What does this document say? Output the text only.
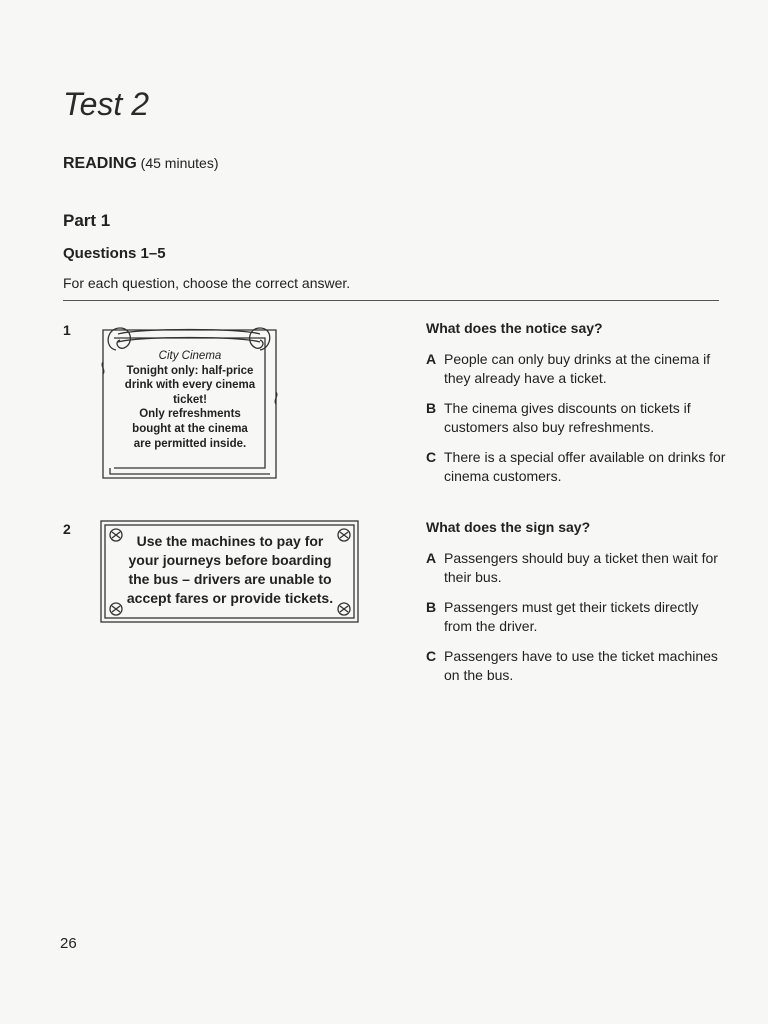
Test 2

READING (45 minutes)

Part 1
Questions 1–5

For each question, choose the correct answer.

1
City Cinema
Tonight only: half-price
drink with every cinema
ticket!
Only refreshments
bought at the cinema
are permitted inside.
What does the notice say?
A People can only buy drinks at the cinema if they already have a ticket.
B The cinema gives discounts on tickets if customers also buy refreshments.
C There is a special offer available on drinks for cinema customers.
2
Use the machines to pay for
your journeys before boarding
the bus – drivers are unable to
accept fares or provide tickets.
What does the sign say?
A Passengers should buy a ticket then wait for their bus.
B Passengers must get their tickets directly from the driver.
C Passengers have to use the ticket machines on the bus.
26
